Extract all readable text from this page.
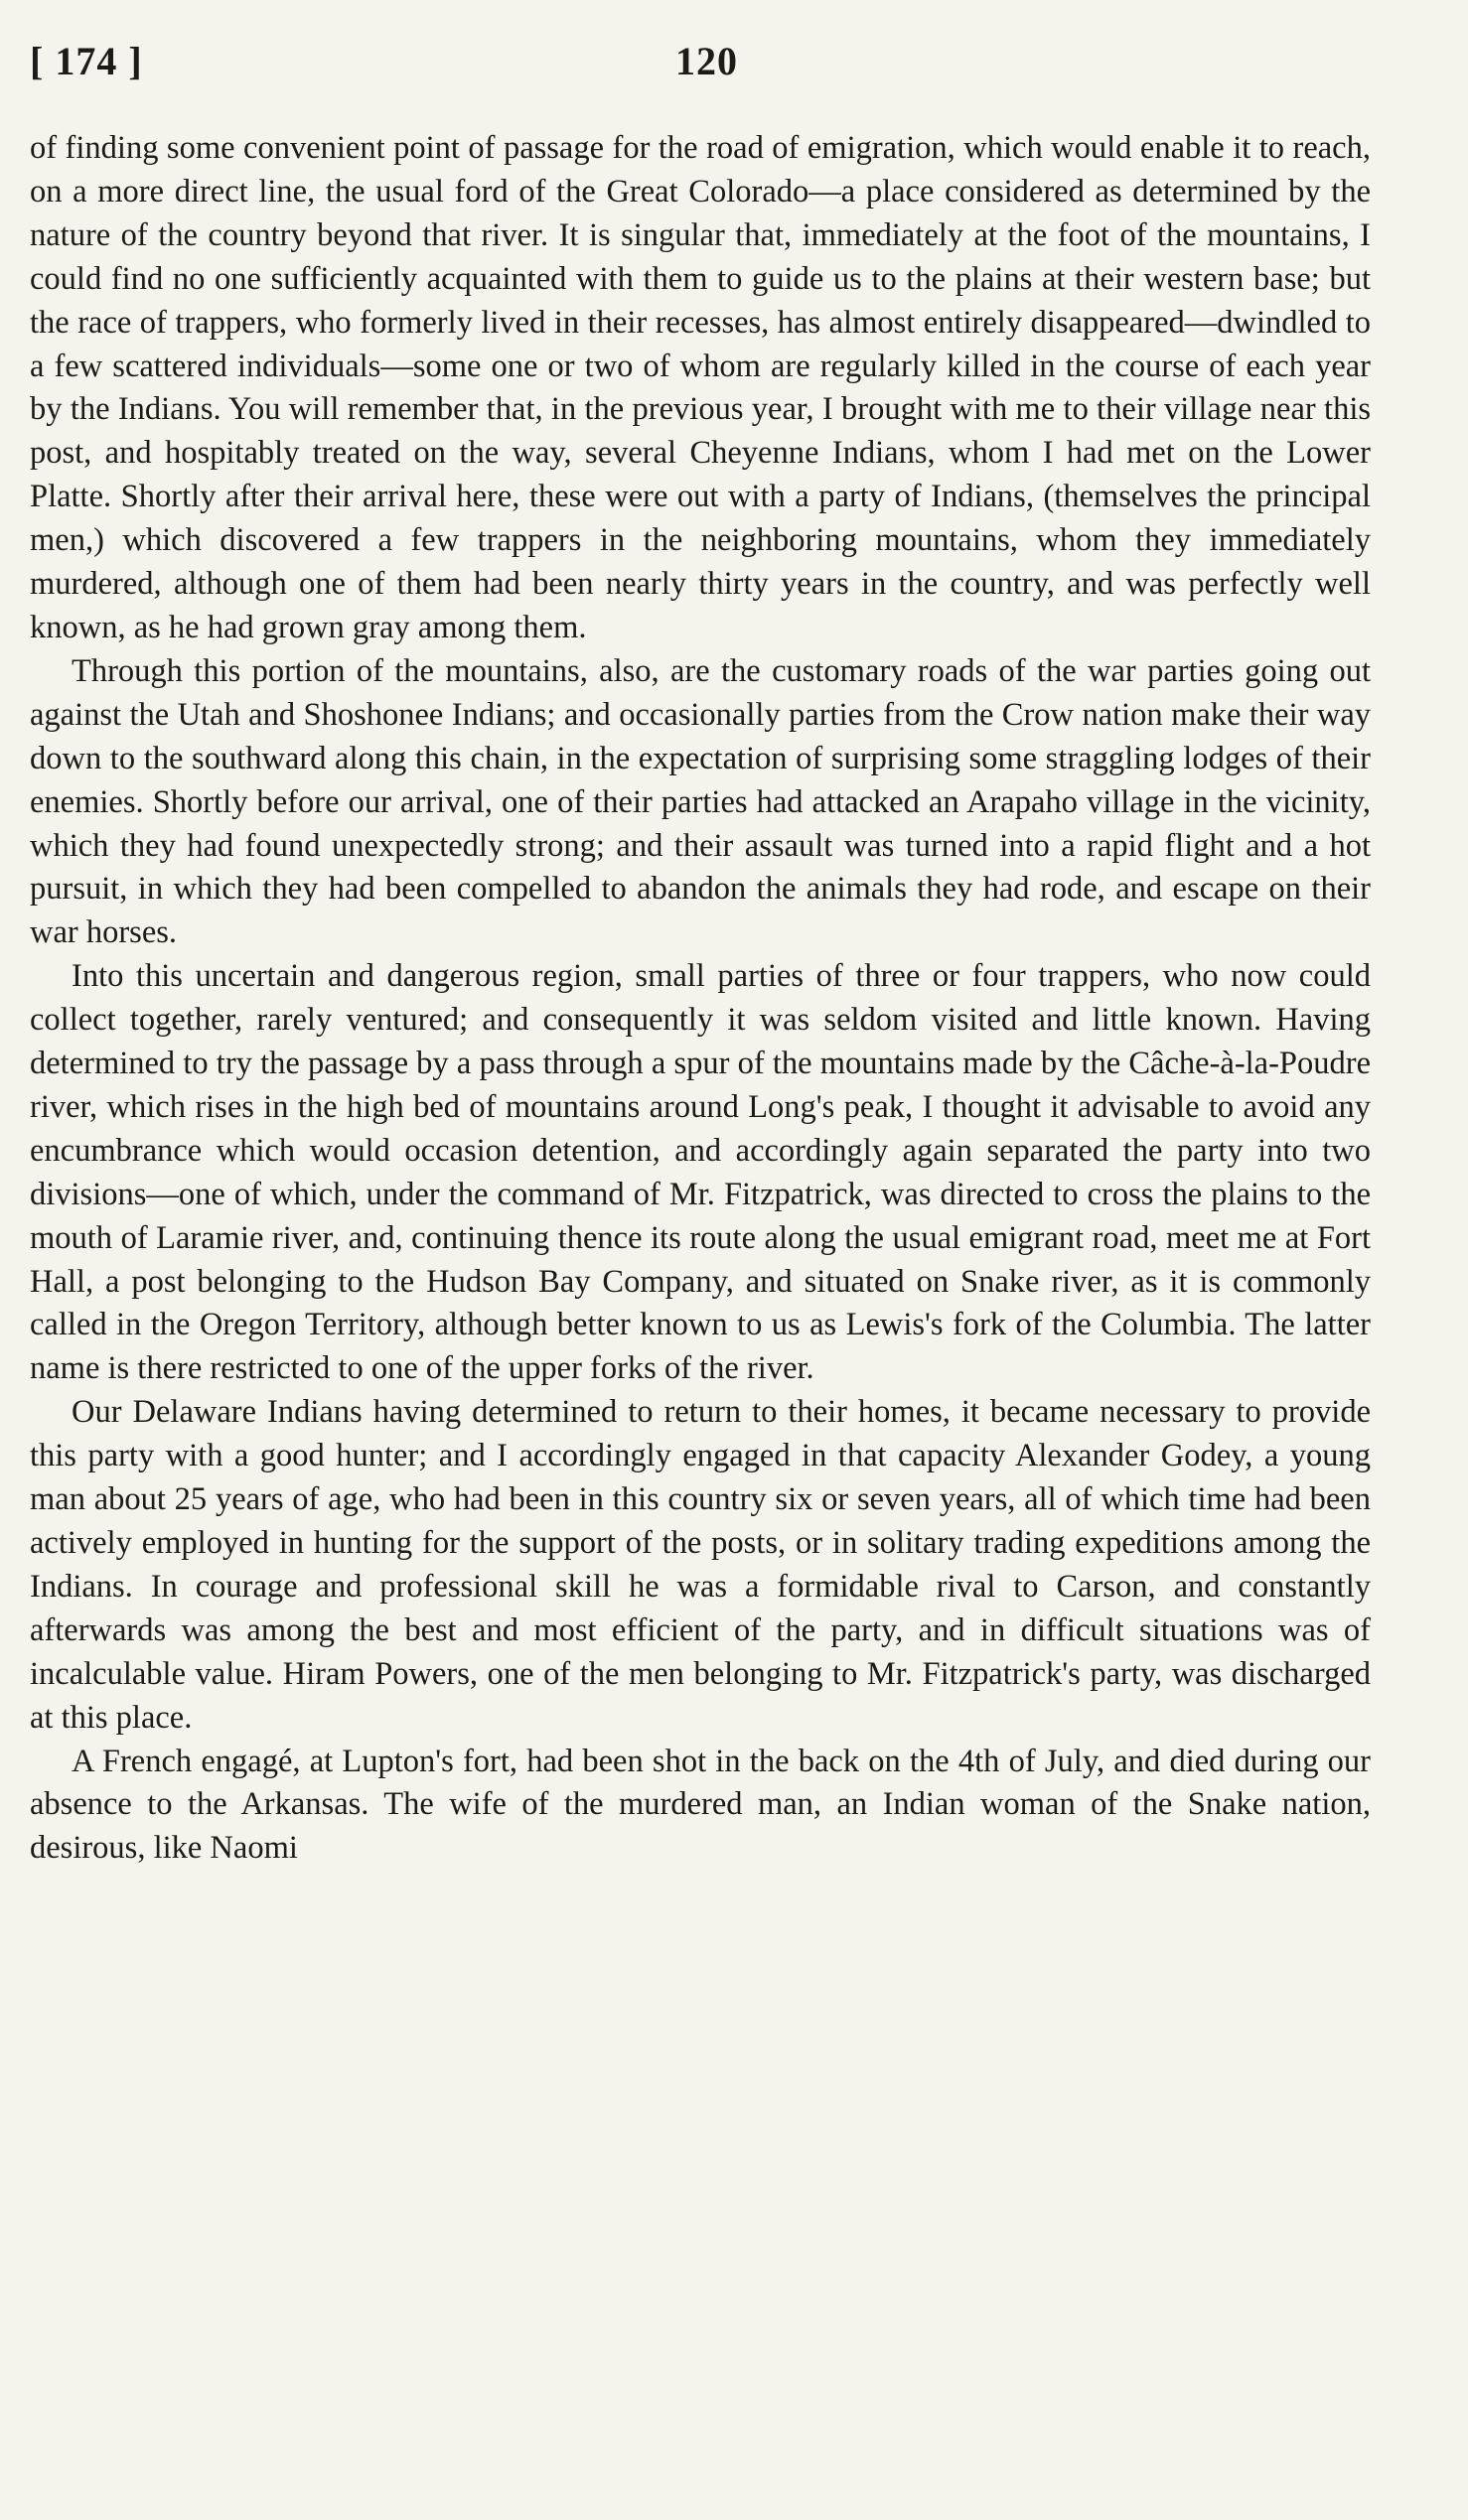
[ 174 ]	120

of finding some convenient point of passage for the road of emigration, which would enable it to reach, on a more direct line, the usual ford of the Great Colorado—a place considered as determined by the nature of the country beyond that river. It is singular that, immediately at the foot of the mountains, I could find no one sufficiently acquainted with them to guide us to the plains at their western base; but the race of trappers, who formerly lived in their recesses, has almost entirely disappeared—dwindled to a few scattered individuals—some one or two of whom are regularly killed in the course of each year by the Indians. You will remember that, in the previous year, I brought with me to their village near this post, and hospitably treated on the way, several Cheyenne Indians, whom I had met on the Lower Platte. Shortly after their arrival here, these were out with a party of Indians, (themselves the principal men,) which discovered a few trappers in the neighboring mountains, whom they immediately murdered, although one of them had been nearly thirty years in the country, and was perfectly well known, as he had grown gray among them.

Through this portion of the mountains, also, are the customary roads of the war parties going out against the Utah and Shoshonee Indians; and occasionally parties from the Crow nation make their way down to the southward along this chain, in the expectation of surprising some straggling lodges of their enemies. Shortly before our arrival, one of their parties had attacked an Arapaho village in the vicinity, which they had found unexpectedly strong; and their assault was turned into a rapid flight and a hot pursuit, in which they had been compelled to abandon the animals they had rode, and escape on their war horses.

Into this uncertain and dangerous region, small parties of three or four trappers, who now could collect together, rarely ventured; and consequently it was seldom visited and little known. Having determined to try the passage by a pass through a spur of the mountains made by the Câche-à-la-Poudre river, which rises in the high bed of mountains around Long's peak, I thought it advisable to avoid any encumbrance which would occasion detention, and accordingly again separated the party into two divisions—one of which, under the command of Mr. Fitzpatrick, was directed to cross the plains to the mouth of Laramie river, and, continuing thence its route along the usual emigrant road, meet me at Fort Hall, a post belonging to the Hudson Bay Company, and situated on Snake river, as it is commonly called in the Oregon Territory, although better known to us as Lewis's fork of the Columbia. The latter name is there restricted to one of the upper forks of the river.

Our Delaware Indians having determined to return to their homes, it became necessary to provide this party with a good hunter; and I accordingly engaged in that capacity Alexander Godey, a young man about 25 years of age, who had been in this country six or seven years, all of which time had been actively employed in hunting for the support of the posts, or in solitary trading expeditions among the Indians. In courage and professional skill he was a formidable rival to Carson, and constantly afterwards was among the best and most efficient of the party, and in difficult situations was of incalculable value. Hiram Powers, one of the men belonging to Mr. Fitzpatrick's party, was discharged at this place.

A French engagé, at Lupton's fort, had been shot in the back on the 4th of July, and died during our absence to the Arkansas. The wife of the murdered man, an Indian woman of the Snake nation, desirous, like Naomi
